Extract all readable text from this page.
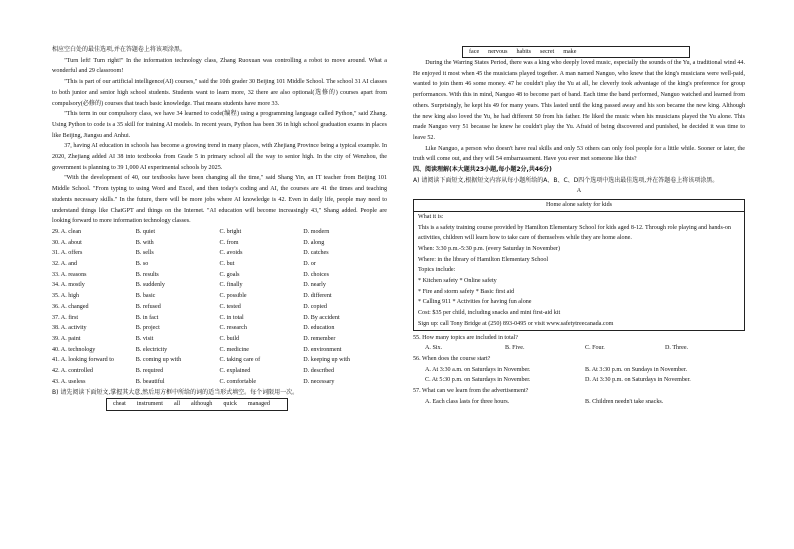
相应空白处的最佳选项,并在答题卷上将该项涂黑。

"Turn left! Turn right!" In the information technology class, Zhang Ruoxuan was controlling a robot to move around. What a wonderful and 29 classroom!

"This is part of our artificial intelligence(AI) courses," said the 10th grader 30 Beijing 101 Middle School. The school 31 AI classes to both junior and senior high school students. Students want to learn more, 32 there are also optional(选修的) courses apart from compulsory(必修的) courses that teach basic knowledge. That means students have more 33.

"This term in our compulsory class, we have 34 learned to code(编程) using a programming language called Python," said Zhang. Using Python to code is a 35 skill for training AI models. In recent years, Python has been 36 in high school graduation exams in places like Beijing, Jiangsu and Anhui.

37, having AI education in schools has become a growing trend in many places, with Zhejiang Province being a typical example. In 2020, Zhejiang added AI 38 into textbooks from Grade 5 in primary school all the way to senior high. In the city of Wenzhou, the government is planning to 39 1,000 AI experimental schools by 2025.

"With the development of 40, our textbooks have been changing all the time," said Shang Yin, an IT teacher from Beijing 101 Middle School. "From typing to using Word and Excel, and then today's coding and AI, the courses are 41 the times and teaching students necessary skills." In the future, there will be more jobs where AI knowledge is 42. Even in daily life, people may need to understand things like ChatGPT and things on the Internet. "AI education will become increasingly 43," Shang added. People are looking forward to more information technology classes.

29. A. clean	B. quiet	C. bright	D. modern
30. A. about	B. with	C. from	D. along
31. A. offers	B. sells	C. avoids	D. catches
32. A. and	B. so	C. but	D. or
33. A. reasons	B. results	C. goals	D. choices
34. A. mostly	B. suddenly	C. finally	D. nearly
35. A. high	B. basic	C. possible	D. different
36. A. changed	B. refused	C. tested	D. copied
37. A. first	B. in fact	C. in total	D. By accident
38. A. activity	B. project	C. research	D. education
39. A. paint	B. visit	C. build	D. remember
40. A. technology	B. electricity	C. medicine	D. environment
41. A. looking forward to	B. coming up with	C. taking care of	D. keeping up with
42. A. controlled	B. required	C. explained	D. described
43. A. useless	B. beautiful	C. comfortable	D. necessary
B) 请先阅读下面短文,掌握其大意,然后用方框中所给的词的适当形式填空。每个词限用一次。
cheat instrument all although quick managed
face nervous habits secret make

During the Warring States Period, there was a king who deeply loved music, especially the sounds of the Yu, a traditional wind 44. He enjoyed it most when 45 the musicians played together. A man named Nanguo, who knew that the king's musicians were well-paid, wanted to join them 46 some money. 47 he couldn't play the Yu at all, he cleverly took advantage of the king's preference for group performances. With this in mind, Nanguo 48 to become part of band. Each time the band performed, Nanguo watched and learned from others. Surprisingly, he kept his 49 for many years. This lasted until the king passed away and his son became the new king. Although the new king also loved the Yu, he had different 50 from his father. He liked the music when his musicians played the Yu alone. This made Nanguo very 51 because he knew he couldn't play the Yu. Afraid of being discovered and punished, he decided it was time to leave 52.

Like Nanguo, a person who doesn't have real skills and only 53 others can only fool people for a little while. Sooner or later, the truth will come out, and they will 54 embarrassment. Have you ever met someone like this?

四、阅读理解(本大题共23小题,每小题2分,共46分)

A) 请阅读下面短文,根据短文内容从每小题所给的A、B、C、D四个选项中选出最佳选项,并在答题卷上将该项涂黑。

A

Home alone safety for kids
What it is:
This is a safety training course provided by Hamilton Elementary School for kids aged 8-12. Through role playing and hands-on activities, children will learn how to take care of themselves while they are home alone.
When: 3:30 p.m.-5:30 p.m. (every Saturday in November)
Where: in the library of Hamilton Elementary School
Topics include:
* Kitchen safety * Online safety
* Fire and storm safety * Basic first aid
* Calling 911 * Activities for having fun alone
Cost: $35 per child, including snacks and mini first-aid kit
Sign up: call Tony Bridge at (250) 893-0495 or visit www.safetytreecanada.com

55. How many topics are included in total?

A. Six.	B. Five.	C. Four.	D. Three.

56. When does the course start?

A. At 3:30 a.m. on Saturdays in November.	B. At 3:30 p.m. on Sundays in November.
C. At 5:30 p.m. on Saturdays in November.	D. At 3:30 p.m. on Saturdays in November.

57. What can we learn from the advertisement?

A. Each class lasts for three hours.	B. Children needn't take snacks.
